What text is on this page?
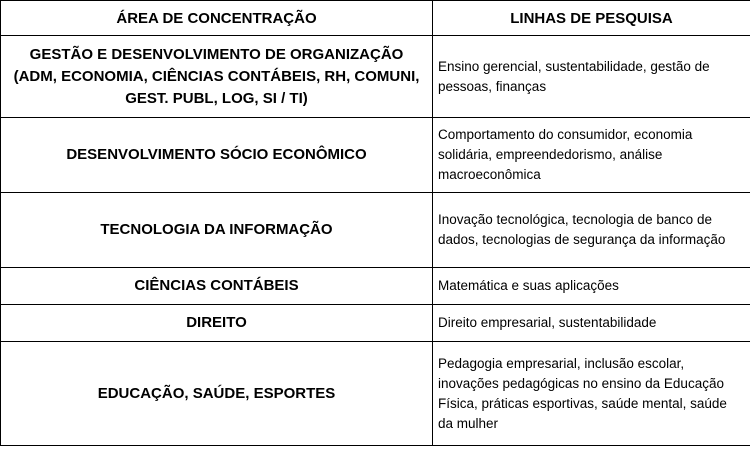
ÁREA DE CONCENTRAÇÃO	LINHAS DE PESQUISA
GESTÃO E DESENVOLVIMENTO DE ORGANIZAÇÃO (ADM, ECONOMIA, CIÊNCIAS CONTÁBEIS, RH, COMUNI, GEST. PUBL, LOG, SI / TI)	Ensino gerencial, sustentabilidade, gestão de pessoas, finanças
DESENVOLVIMENTO SÓCIO ECONÔMICO	Comportamento do consumidor, economia solidária, empreendedorismo, análise macroeconômica
TECNOLOGIA DA INFORMAÇÃO	Inovação tecnológica, tecnologia de banco de dados, tecnologias de segurança da informação
CIÊNCIAS CONTÁBEIS	Matemática e suas aplicações
DIREITO	Direito empresarial, sustentabilidade
EDUCAÇÃO, SAÚDE, ESPORTES	Pedagogia empresarial, inclusão escolar, inovações pedagógicas no ensino da Educação Física, práticas esportivas, saúde mental, saúde da mulher
